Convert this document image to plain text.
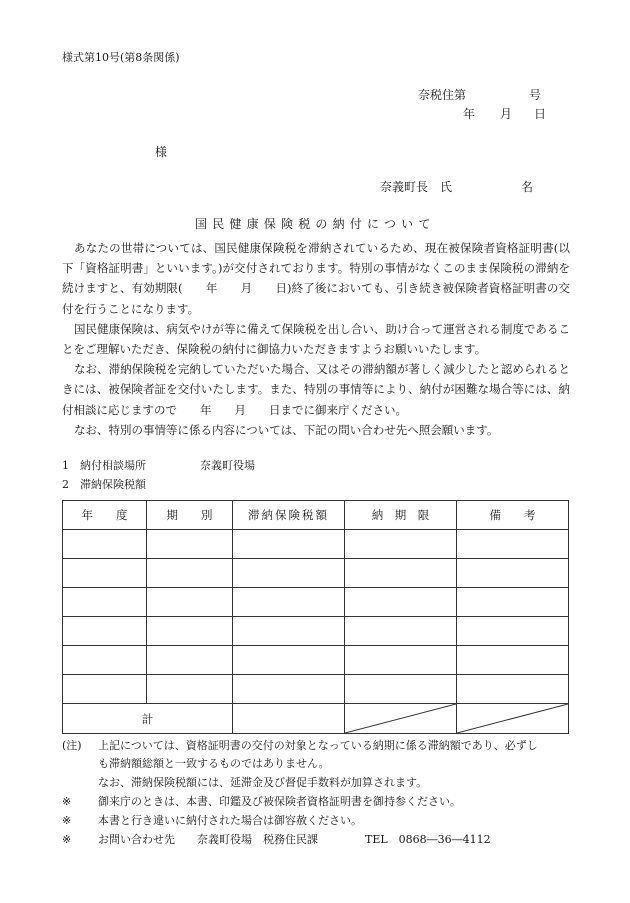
様式第10号(第8条関係)
奈税住第	号
年 月 日
様
奈義町長　氏	名
国民健康保険税の納付について

あなたの世帯については、国民健康保険税を滞納されているため、現在被保険者資格証明書(以下「資格証明書」といいます。)が交付されております。特別の事情がなくこのまま保険税の滞納を続けますと、有効期限(　　年　　月　　日)終了後においても、引き続き被保険者資格証明書の交付を行うことになります。

国民健康保険は、病気やけが等に備えて保険税を出し合い、助け合って運営される制度であることをご理解いただき、保険税の納付に御協力いただきますようお願いいたします。

なお、滞納保険税を完納していただいた場合、又はその滞納額が著しく減少したと認められるときには、被保険者証を交付いたします。また、特別の事情等により、納付が困難な場合等には、納付相談に応じますので　　年　　月　　日までに御来庁ください。

なお、特別の事情等に係る内容については、下記の問い合わせ先へ照会願います。

1　納付相談場所	奈義町役場
2　滞納保険税額
年　　度	期　　別	滞納保険税額	納　期　限	備　　考

計		

(注) 上記については、資格証明書の交付の対象となっている納期に係る滞納額であり、必ずし
も滞納額総額と一致するものではありません。
なお、滞納保険税額には、延滞金及び督促手数料が加算されます。
※ 御来庁のときは、本書、印鑑及び被保険者資格証明書を御持参ください。
※ 本書と行き違いに納付された場合は御容赦ください。
※ お問い合わせ先　　奈義町役場　税務住民課	TEL　0868―36―4112
